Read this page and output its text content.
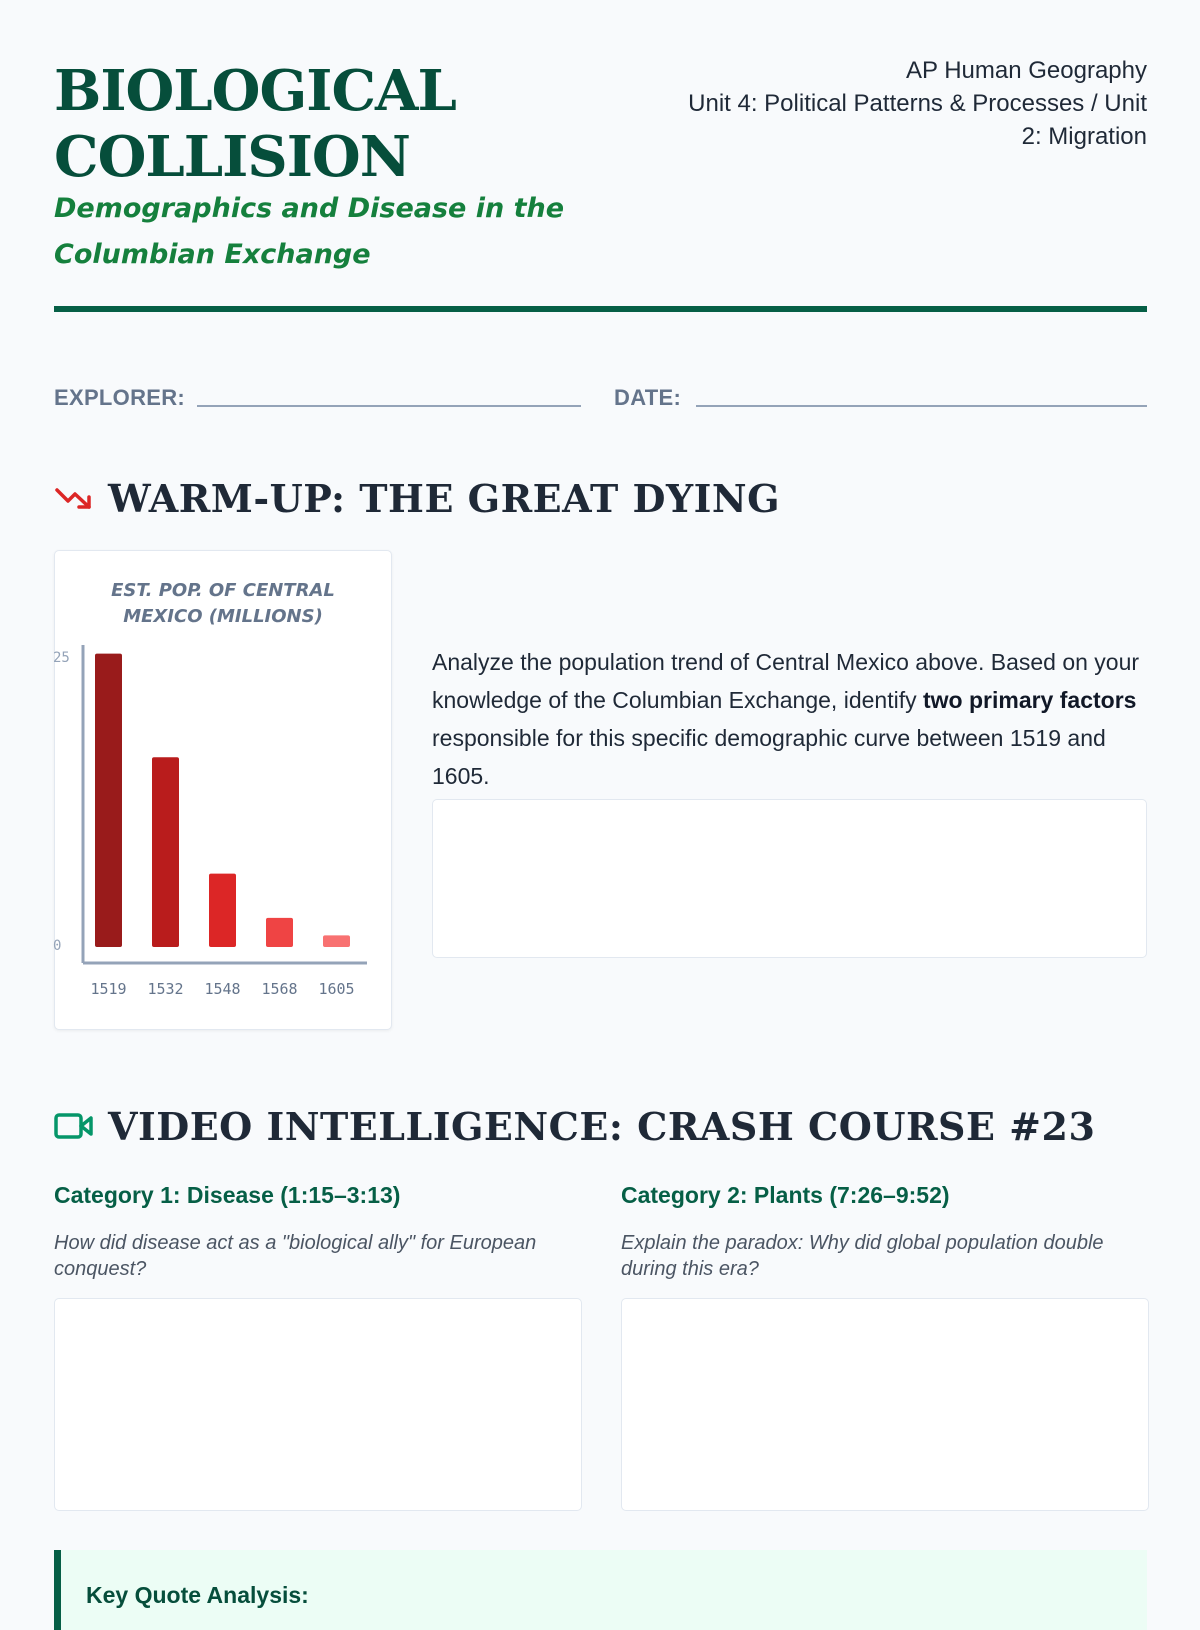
BIOLOGICAL
COLLISION

Demographics and Disease in the Columbian Exchange

AP Human Geography
Unit 4: Political Patterns & Processes / Unit 2: Migration
EXPLORER:	DATE:
WARM-UP: THE GREAT DYING
EST. POP. OF CENTRAL
MEXICO (MILLIONS)
1519 1532 1548 1568 1605
25
0

Analyze the population trend of Central Mexico above. Based on your knowledge of the Columbian Exchange, identify two primary factors responsible for this specific demographic curve between 1519 and 1605.

VIDEO INTELLIGENCE: CRASH COURSE #23
Category 1: Disease (1:15–3:13)
How did disease act as a "biological ally" for European conquest?
Category 2: Plants (7:26–9:52)
Explain the paradox: Why did global population double during this era?
Key Quote Analysis:
